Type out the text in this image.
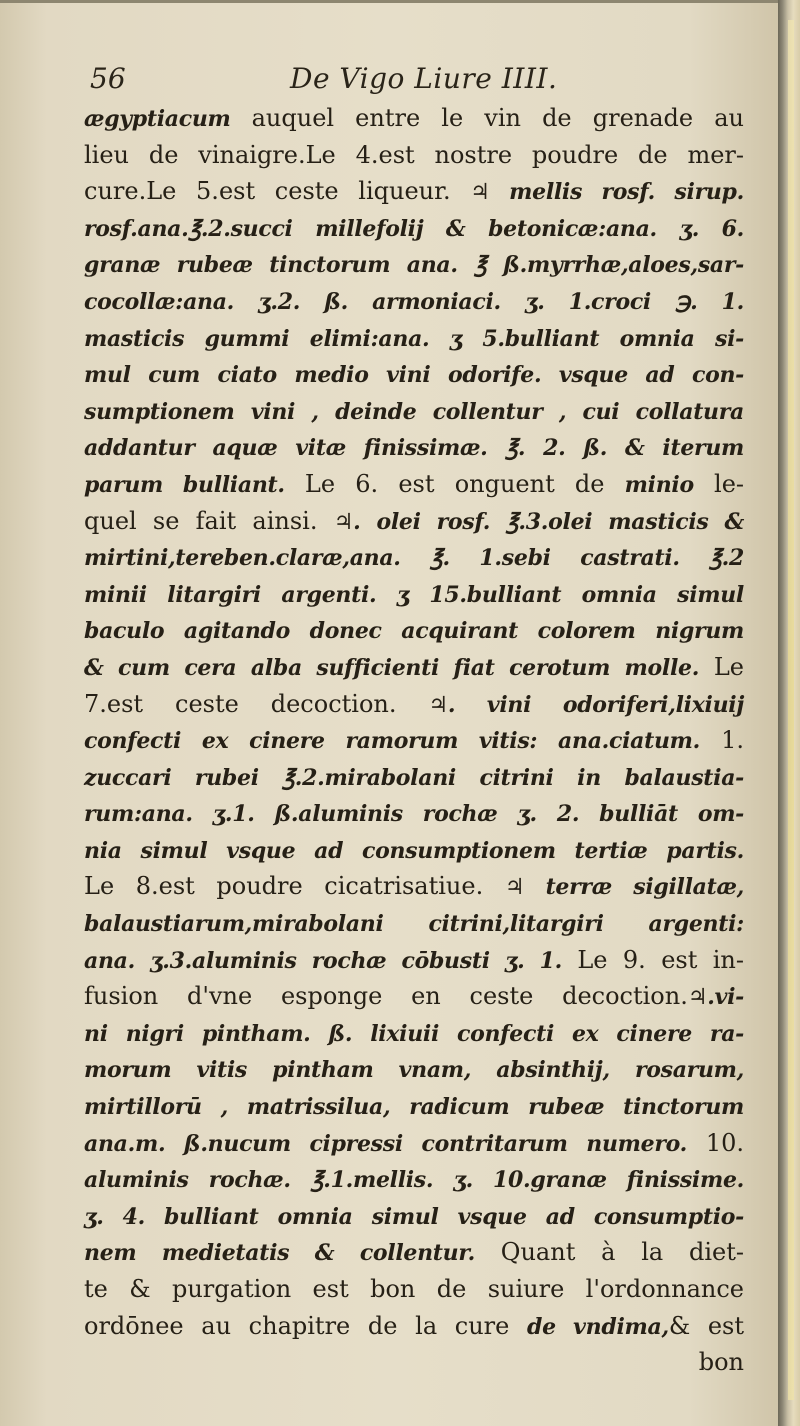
56	De Vigo Liure IIII.
ægyptiacum auquel entre le vin de grenade au
lieu de vinaigre.Le 4.est nostre poudre de mer-
cure.Le 5.est ceste liqueur. ♃ mellis rosf. sirup.
rosf.ana.℥.2.succi millefolij & betonicæ:ana. ʒ. 6.
granæ rubeæ tinctorum ana. ℥ ß.myrrhæ,aloes,sar-
cocollæ:ana. ʒ.2. ß. armoniaci. ʒ. 1.croci ℈. 1.
masticis gummi elimi:ana. ʒ 5.bulliant omnia si-
mul cum ciato medio vini odorife. vsque ad con-
sumptionem vini , deinde collentur , cui collatura
addantur aquæ vitæ finissimæ. ℥. 2. ß. & iterum
parum bulliant. Le 6. est onguent de minio le-
quel se fait ainsi. ♃. olei rosf. ℥.3.olei masticis &
mirtini,tereben.claræ,ana. ℥. 1.sebi castrati. ℥.2
minii litargiri argenti. ʒ 15.bulliant omnia simul
baculo agitando donec acquirant colorem nigrum
& cum cera alba sufficienti fiat cerotum molle. Le
7.est ceste decoction. ♃. vini odoriferi,lixiuij
confecti ex cinere ramorum vitis: ana.ciatum. 1.
zuccari rubei ℥.2.mirabolani citrini in balaustia-
rum:ana. ʒ.1. ß.aluminis rochæ ʒ. 2. bulliāt om-
nia simul vsque ad consumptionem tertiæ partis.
Le 8.est poudre cicatrisatiue. ♃ terræ sigillatæ,
balaustiarum,mirabolani citrini,litargiri argenti:
ana. ʒ.3.aluminis rochæ cōbusti ʒ. 1. Le 9. est in-
fusion d'vne esponge en ceste decoction.♃.vi-
ni nigri pintham. ß. lixiuii confecti ex cinere ra-
morum vitis pintham vnam, absinthij, rosarum,
mirtillorū , matrissilua, radicum rubeæ tinctorum
ana.m. ß.nucum cipressi contritarum numero. 10.
aluminis rochæ. ℥.1.mellis. ʒ. 10.granæ finissime.
ʒ. 4. bulliant omnia simul vsque ad consumptio-
nem medietatis & collentur. Quant à la diet-
te & purgation est bon de suiure l'ordonnance
ordōnee au chapitre de la cure de vndima,& est
bon
